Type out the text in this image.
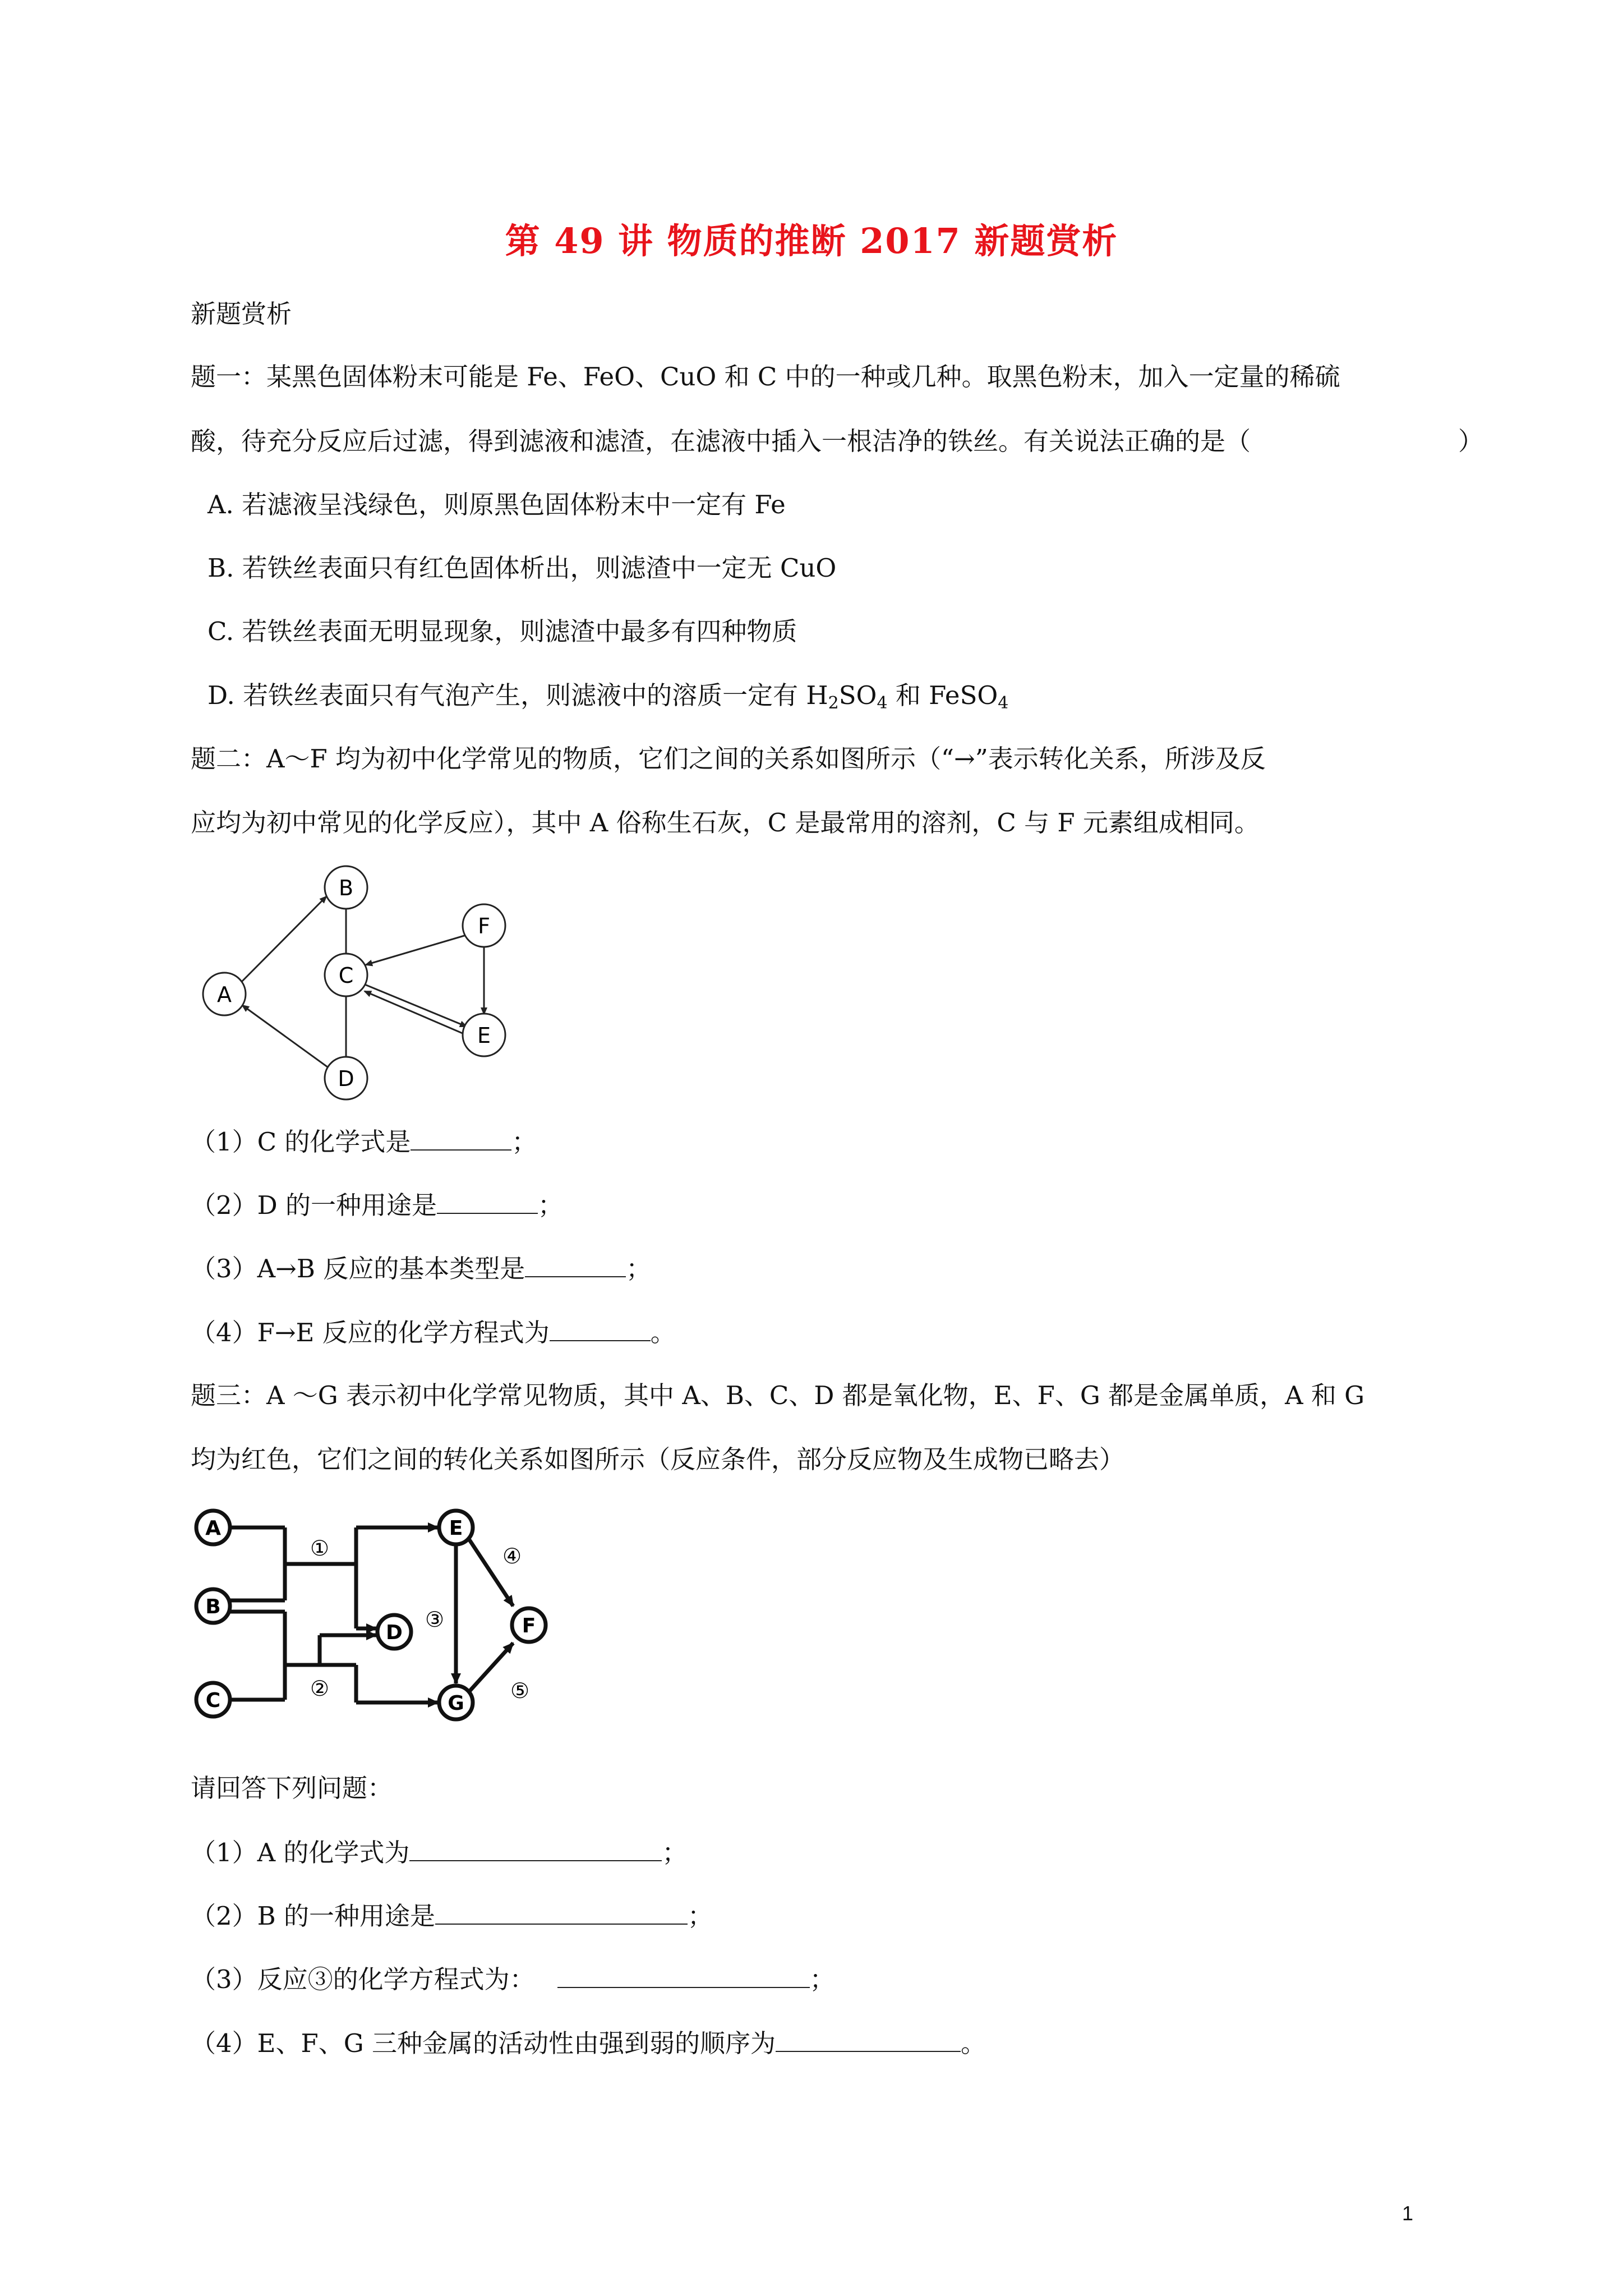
第 49 讲 物质的推断 2017 新题赏析
新题赏析
题一：某黑色固体粉末可能是 Fe、FeO、CuO 和 C 中的一种或几种。取黑色粉末，加入一定量的稀硫
酸，待充分反应后过滤，得到滤液和滤渣，在滤液中插入一根洁净的铁丝。有关说法正确的是（	）
A. 若滤液呈浅绿色，则原黑色固体粉末中一定有 Fe
B. 若铁丝表面只有红色固体析出，则滤渣中一定无 CuO
C. 若铁丝表面无明显现象，则滤渣中最多有四种物质
D. 若铁丝表面只有气泡产生，则滤液中的溶质一定有 $H_2SO_4$ 和 FeSO$_4$
题二：A～F 均为初中化学常见的物质，它们之间的关系如图所示（“→”表示转化关系，所涉及反
应均为初中常见的化学反应），其中 A 俗称生石灰，C 是最常用的溶剂，C 与 F 元素组成相同。
A
B
C
D
E
F
（1）C 的化学式是	；
（2）D 的一种用途是	；
（3）A→B 反应的基本类型是	；
（4）F→E 反应的化学方程式为	。
题三：A ～G 表示初中化学常见物质，其中 A、B、C、D 都是氧化物，E、F、G 都是金属单质，A 和 G
均为红色，它们之间的转化关系如图所示（反应条件，部分反应物及生成物已略去）
A
B
C
D
E
F
G
①
②
③
④
⑤
请回答下列问题：
（1）A 的化学式为	；
（2）B 的一种用途是	；
（3）反应③的化学方程式为：	；
（4）E、F、G 三种金属的活动性由强到弱的顺序为	。
1
